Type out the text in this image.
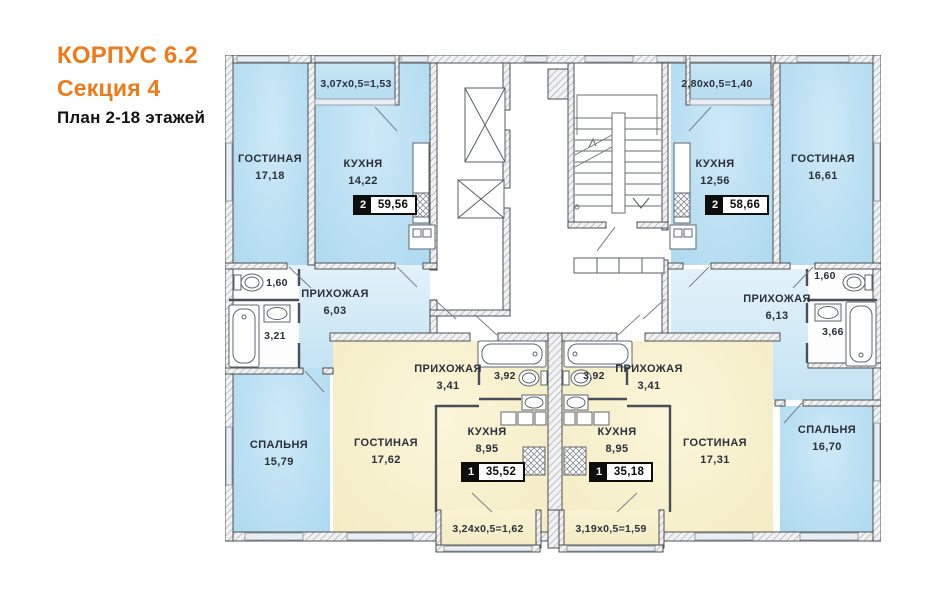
КОРПУС 6.2
Секция 4
План 2-18 этажей
ГОСТИНАЯ
17,18
КУХНЯ
14,22
3,07x0,5=1,53
2	59,56
ПРИХОЖАЯ
6,03
1,60
3,21
СПАЛЬНЯ
15,79
ГОСТИНАЯ
16,61
КУХНЯ
12,56
2,80x0,5=1,40
2	58,66
ПРИХОЖАЯ
6,13
1,60
3,66
СПАЛЬНЯ
16,70
ГОСТИНАЯ
17,62
ПРИХОЖАЯ
3,41
3,92
КУХНЯ
8,95
1	35,52
3,92
ПРИХОЖАЯ
3,41
КУХНЯ
8,95
1	35,18
ГОСТИНАЯ
17,31
3,24x0,5=1,62	3,19x0,5=1,59
